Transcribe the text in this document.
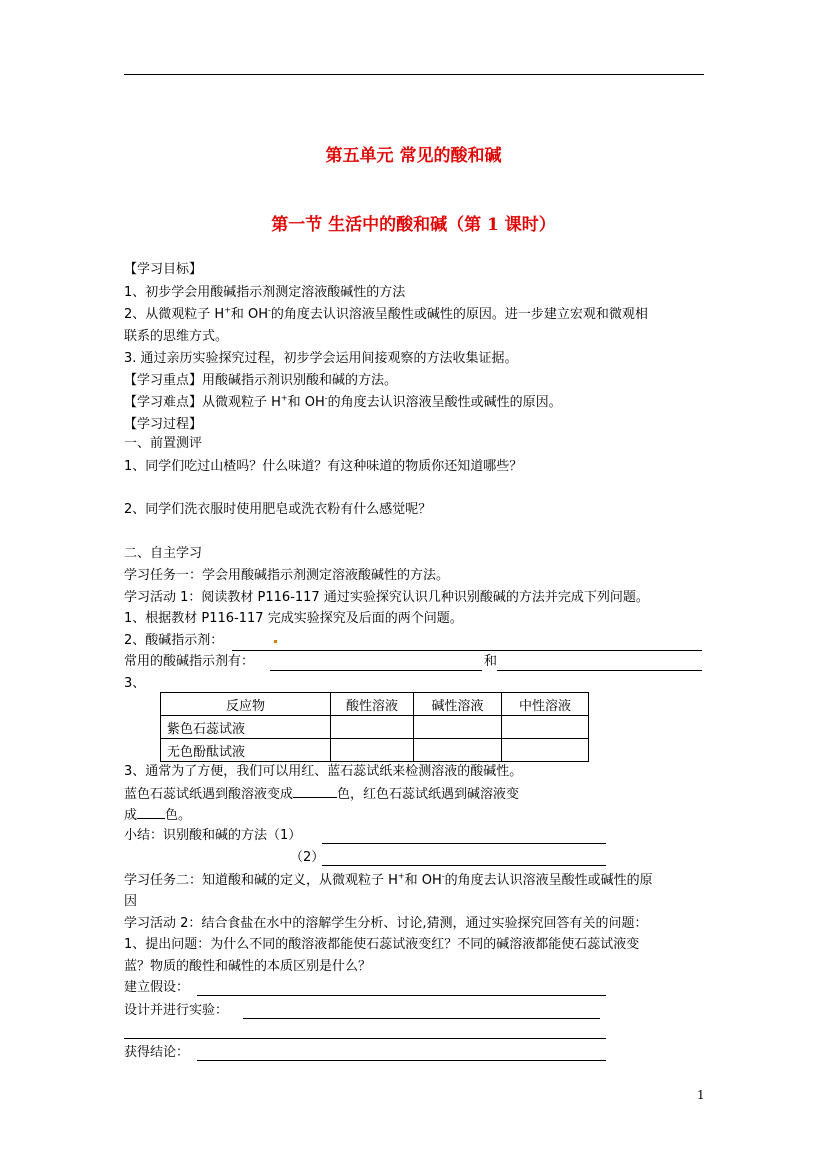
第五单元 常见的酸和碱
第一节 生活中的酸和碱（第 1 课时）
【学习目标】
1、初步学会用酸碱指示剂测定溶液酸碱性的方法
2、从微观粒子 H+和 OH-的角度去认识溶液呈酸性或碱性的原因。进一步建立宏观和微观相
联系的思维方式。
3. 通过亲历实验探究过程，初步学会运用间接观察的方法收集证据。
【学习重点】用酸碱指示剂识别酸和碱的方法。
【学习难点】从微观粒子 H+和 OH-的角度去认识溶液呈酸性或碱性的原因。
【学习过程】
一、前置测评
1、同学们吃过山楂吗？什么味道？有这种味道的物质你还知道哪些？
2、同学们洗衣服时使用肥皂或洗衣粉有什么感觉呢？
二、自主学习
学习任务一：学会用酸碱指示剂测定溶液酸碱性的方法。
学习活动 1：阅读教材 P116-117 通过实验探究认识几种识别酸碱的方法并完成下列问题。
1、根据教材 P116-117 完成实验探究及后面的两个问题。
2、酸碱指示剂：
常用的酸碱指示剂有：	和
3、
反应物	酸性溶液	碱性溶液	中性溶液
紫色石蕊试液			
无色酚酞试液			
3、通常为了方便，我们可以用红、蓝石蕊试纸来检测溶液的酸碱性。
蓝色石蕊试纸遇到酸溶液变成	色，红色石蕊试纸遇到碱溶液变
成 色。
小结：识别酸和碱的方法（1）
（2）
学习任务二：知道酸和碱的定义，从微观粒子 H+和 OH-的角度去认识溶液呈酸性或碱性的原
因
学习活动 2：结合食盐在水中的溶解学生分析、讨论,猜测，通过实验探究回答有关的问题：
1、提出问题：为什么不同的酸溶液都能使石蕊试液变红？不同的碱溶液都能使石蕊试液变
蓝？物质的酸性和碱性的本质区别是什么？
建立假设：
设计并进行实验：
获得结论：
1
